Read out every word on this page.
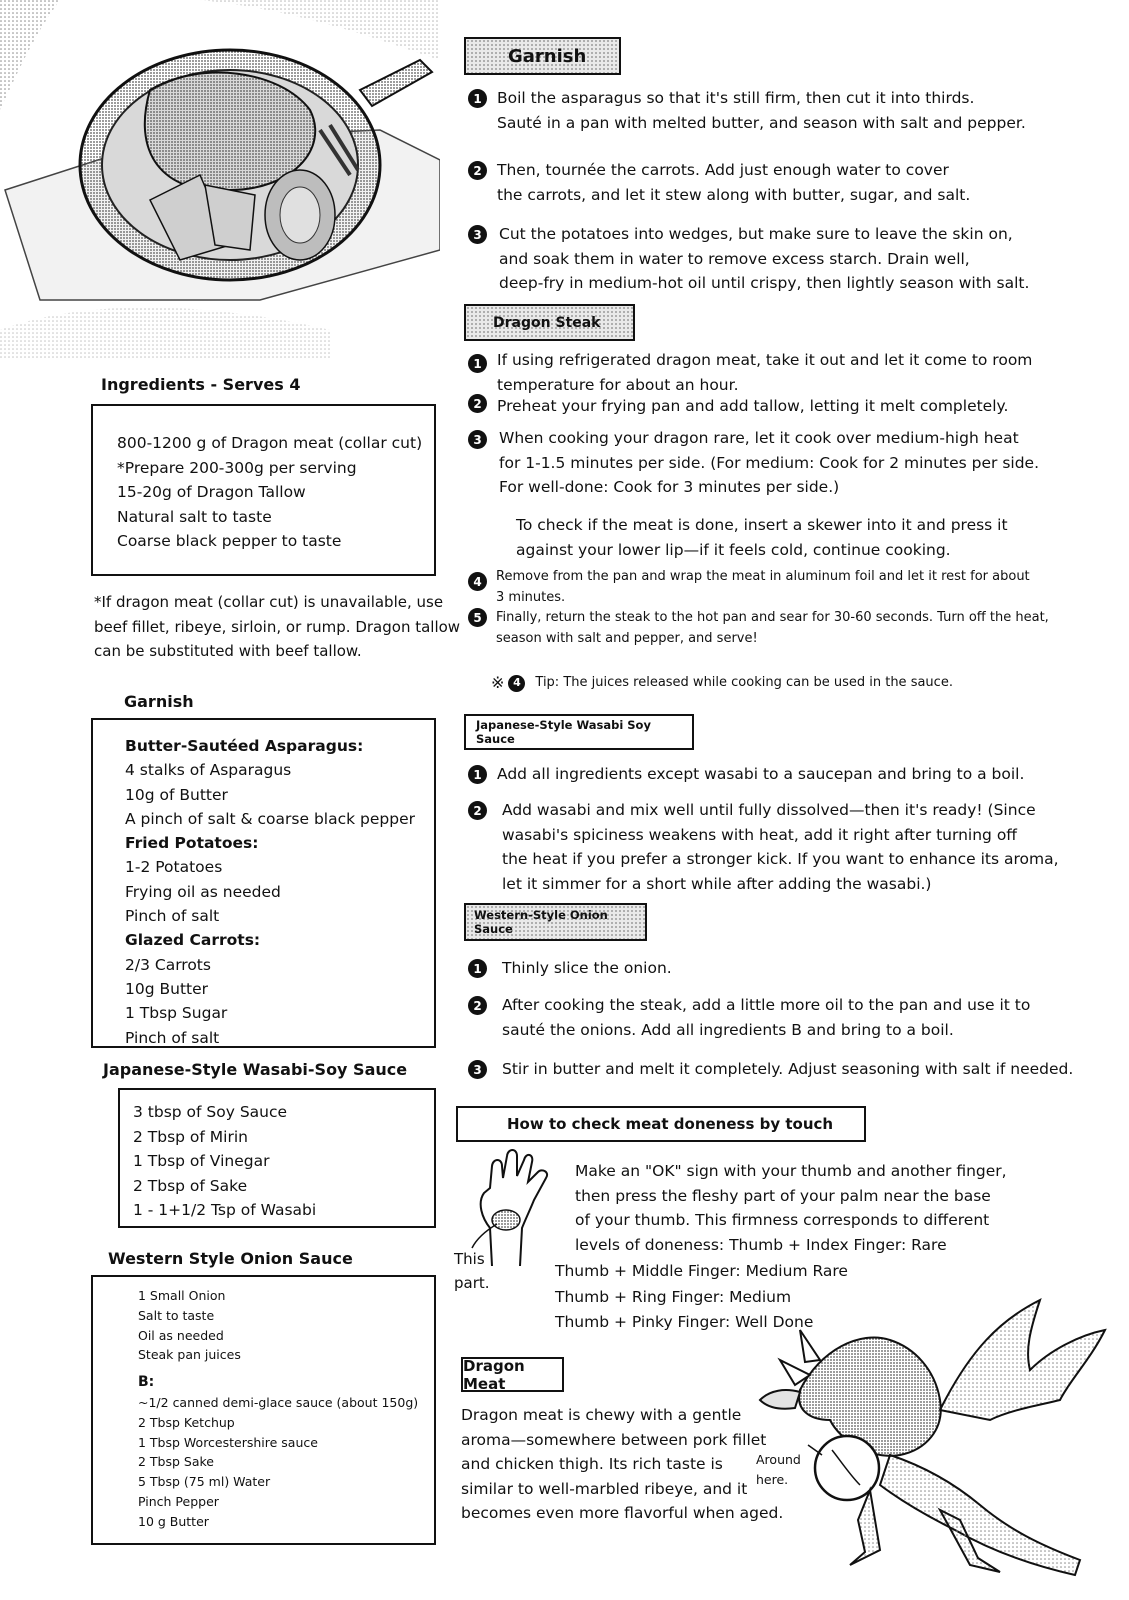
Ingredients - Serves 4
800-1200 g of Dragon meat (collar cut)
*Prepare 200-300g per serving
15-20g of Dragon Tallow
Natural salt to taste
Coarse black pepper to taste
*If dragon meat (collar cut) is unavailable, use
beef fillet, ribeye, sirloin, or rump. Dragon tallow
can be substituted with beef tallow.
Garnish
Butter-Sautéed Asparagus:
4 stalks of Asparagus
10g of Butter
A pinch of salt & coarse black pepper
Fried Potatoes:
1-2 Potatoes
Frying oil as needed
Pinch of salt
Glazed Carrots:
2/3 Carrots
10g Butter
1 Tbsp Sugar
Pinch of salt
Japanese-Style Wasabi-Soy Sauce
3 tbsp of Soy Sauce
2 Tbsp of Mirin
1 Tbsp of Vinegar
2 Tbsp of Sake
1 - 1+1/2 Tsp of Wasabi
Western Style Onion Sauce
1 Small Onion
Salt to taste
Oil as needed
Steak pan juices
B:
~1/2 canned demi-glace sauce (about 150g)
2 Tbsp Ketchup
1 Tbsp Worcestershire sauce
2 Tbsp Sake
5 Tbsp (75 ml) Water
Pinch Pepper
10 g Butter
Garnish
1 Boil the asparagus so that it's still firm, then cut it into thirds.
Sauté in a pan with melted butter, and season with salt and pepper.
2 Then, tournée the carrots. Add just enough water to cover
the carrots, and let it stew along with butter, sugar, and salt.
3	Cut the potatoes into wedges, but make sure to leave the skin on,
and soak them in water to remove excess starch. Drain well,
deep-fry in medium-hot oil until crispy, then lightly season with salt.
Dragon Steak
1 If using refrigerated dragon meat, take it out and let it come to room
temperature for about an hour.
2 Preheat your frying pan and add tallow, letting it melt completely.
3	When cooking your dragon rare, let it cook over medium-high heat
for 1-1.5 minutes per side. (For medium: Cook for 2 minutes per side.
For well-done: Cook for 3 minutes per side.)
To check if the meat is done, insert a skewer into it and press it
against your lower lip—if it feels cold, continue cooking.
4	Remove from the pan and wrap the meat in aluminum foil and let it rest for about
3 minutes.
5	Finally, return the steak to the hot pan and sear for 30-60 seconds. Turn off the heat,
season with salt and pepper, and serve!
※ 4	Tip: The juices released while cooking can be used in the sauce.
Japanese-Style Wasabi Soy Sauce
1 Add all ingredients except wasabi to a saucepan and bring to a boil.
2	Add wasabi and mix well until fully dissolved—then it's ready! (Since
wasabi's spiciness weakens with heat, add it right after turning off
the heat if you prefer a stronger kick. If you want to enhance its aroma,
let it simmer for a short while after adding the wasabi.)
Western-Style Onion Sauce
1	Thinly slice the onion.
2	After cooking the steak, add a little more oil to the pan and use it to
sauté the onions. Add all ingredients B and bring to a boil.
3	Stir in butter and melt it completely. Adjust seasoning with salt if needed.
How to check meat doneness by touch
This
part.
Make an "OK" sign with your thumb and another finger,
then press the fleshy part of your palm near the base
of your thumb. This firmness corresponds to different
levels of doneness: Thumb + Index Finger: Rare
Thumb + Middle Finger: Medium Rare
Thumb + Ring Finger: Medium
Thumb + Pinky Finger: Well Done
Dragon Meat
Dragon meat is chewy with a gentle
aroma—somewhere between pork fillet
and chicken thigh. Its rich taste is
similar to well-marbled ribeye, and it
becomes even more flavorful when aged.
Around
here.
